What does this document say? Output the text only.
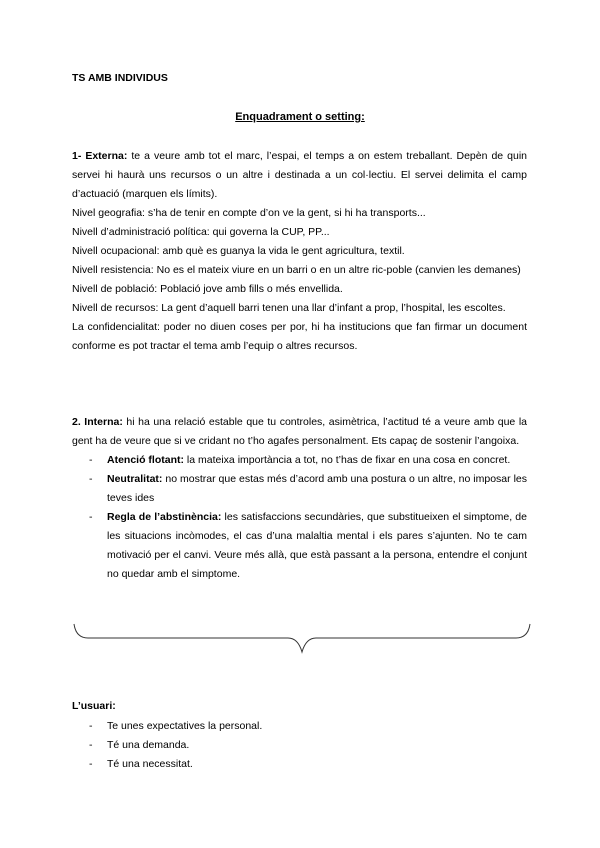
TS AMB INDIVIDUS

Enquadrament o setting:

1- Externa: te a veure amb tot el marc, l’espai, el temps a on estem treballant. Depèn de quin servei hi haurà uns recursos o un altre i destinada a un col·lectiu. El servei delimita el camp d’actuació (marquen els límits).

Nivel geografia: s’ha de tenir en compte d’on ve la gent, si hi ha transports...

Nivell d’administració política: qui governa la CUP, PP...

Nivell ocupacional: amb què es guanya la vida le gent agricultura, textil.

Nivell resistencia: No es el mateix viure en un barri o en un altre ric-poble (canvien les demanes)

Nivell de població: Població jove amb fills o més envellida.

Nivell de recursos: La gent d’aquell barri tenen una llar d’infant a prop, l’hospital, les escoltes.

La confidencialitat: poder no diuen coses per por, hi ha institucions que fan firmar un document conforme es pot tractar el tema amb l’equip o altres recursos.

2. Interna: hi ha una relació estable que tu controles, asimètrica, l’actitud té a veure amb que la gent ha de veure que si ve cridant no t’ho agafes personalment. Ets capaç de sostenir l’angoixa.

- Atenció flotant: la mateixa importància a tot, no t’has de fixar en una cosa en concret.
- Neutralitat: no mostrar que estas més d’acord amb una postura o un altre, no imposar les teves ides
- Regla de l’abstinència: les satisfaccions secundàries, que substitueixen el simptome, de les situacions incòmodes, el cas d’una malaltia mental i els pares s’ajunten. No te cam motivació per el canvi. Veure més allà, que està passant a la persona, entendre el conjunt no quedar amb el simptome.

L’usuari:

- Te unes expectatives la personal.
- Té una demanda.
- Té una necessitat.
